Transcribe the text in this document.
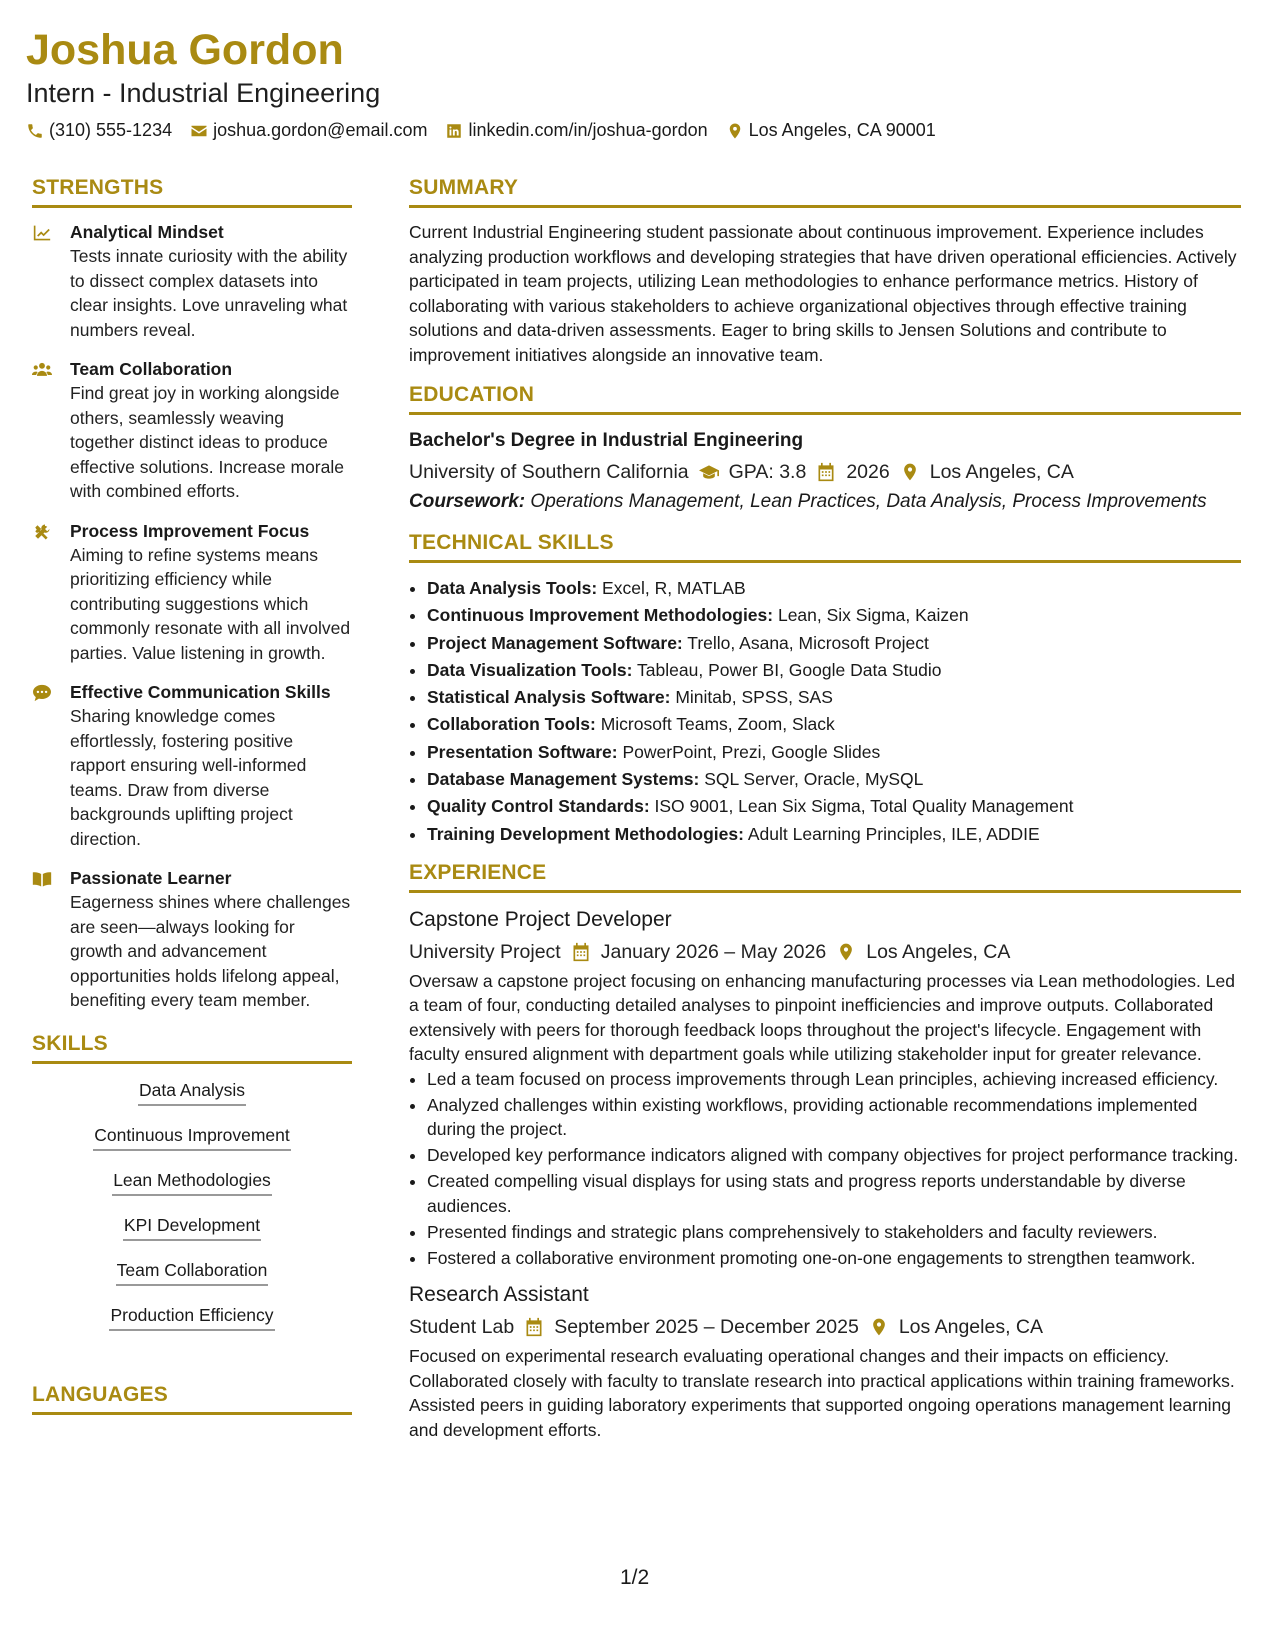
Joshua Gordon

Intern - Industrial Engineering

(310) 555-1234 joshua.gordon@email.com linkedin.com/in/joshua-gordon Los Angeles, CA 90001
STRENGTHS
Analytical Mindset

Tests innate curiosity with the ability to dissect complex datasets into clear insights. Love unraveling what numbers reveal.

Team Collaboration

Find great joy in working alongside others, seamlessly weaving together distinct ideas to produce effective solutions. Increase morale with combined efforts.

Process Improvement Focus

Aiming to refine systems means prioritizing efficiency while contributing suggestions which commonly resonate with all involved parties. Value listening in growth.

Effective Communication Skills

Sharing knowledge comes effortlessly, fostering positive rapport ensuring well-informed teams. Draw from diverse backgrounds uplifting project direction.

Passionate Learner

Eagerness shines where challenges are seen—always looking for growth and advancement opportunities holds lifelong appeal, benefiting every team member.

SKILLS
Data Analysis
Continuous Improvement
Lean Methodologies
KPI Development
Team Collaboration
Production Efficiency
LANGUAGES
SUMMARY

Current Industrial Engineering student passionate about continuous improvement. Experience includes analyzing production workflows and developing strategies that have driven operational efficiencies. Actively participated in team projects, utilizing Lean methodologies to enhance performance metrics. History of collaborating with various stakeholders to achieve organizational objectives through effective training solutions and data-driven assessments. Eager to bring skills to Jensen Solutions and contribute to improvement initiatives alongside an innovative team.

EDUCATION

Bachelor's Degree in Industrial Engineering

University of Southern California GPA: 3.8 2026 Los Angeles, CA

Coursework: Operations Management, Lean Practices, Data Analysis, Process Improvements

TECHNICAL SKILLS
• Data Analysis Tools: Excel, R, MATLAB
• Continuous Improvement Methodologies: Lean, Six Sigma, Kaizen
• Project Management Software: Trello, Asana, Microsoft Project
• Data Visualization Tools: Tableau, Power BI, Google Data Studio
• Statistical Analysis Software: Minitab, SPSS, SAS
• Collaboration Tools: Microsoft Teams, Zoom, Slack
• Presentation Software: PowerPoint, Prezi, Google Slides
• Database Management Systems: SQL Server, Oracle, MySQL
• Quality Control Standards: ISO 9001, Lean Six Sigma, Total Quality Management
• Training Development Methodologies: Adult Learning Principles, ILE, ADDIE
EXPERIENCE

Capstone Project Developer

University Project January 2026 – May 2026 Los Angeles, CA

Oversaw a capstone project focusing on enhancing manufacturing processes via Lean methodologies. Led a team of four, conducting detailed analyses to pinpoint inefficiencies and improve outputs. Collaborated extensively with peers for thorough feedback loops throughout the project's lifecycle. Engagement with faculty ensured alignment with department goals while utilizing stakeholder input for greater relevance.

• Led a team focused on process improvements through Lean principles, achieving increased efficiency.
• Analyzed challenges within existing workflows, providing actionable recommendations implemented during the project.
• Developed key performance indicators aligned with company objectives for project performance tracking.
• Created compelling visual displays for using stats and progress reports understandable by diverse audiences.
• Presented findings and strategic plans comprehensively to stakeholders and faculty reviewers.
• Fostered a collaborative environment promoting one-on-one engagements to strengthen teamwork.

Research Assistant

Student Lab September 2025 – December 2025 Los Angeles, CA

Focused on experimental research evaluating operational changes and their impacts on efficiency. Collaborated closely with faculty to translate research into practical applications within training frameworks. Assisted peers in guiding laboratory experiments that supported ongoing operations management learning and development efforts.

1/2
